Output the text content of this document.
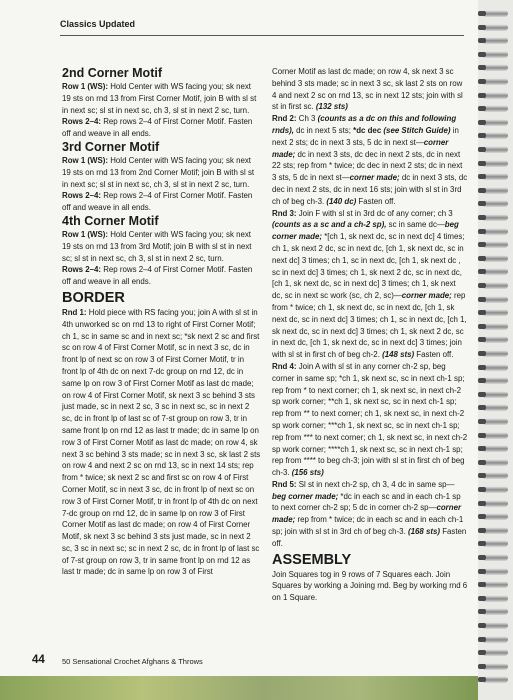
Classics Updated
2nd Corner Motif

Row 1 (WS): Hold Center with WS facing you; sk next 19 sts on rnd 13 from First Corner Motif, join B with sl st in next sc; sl st in next sc, ch 3, sl st in next 2 sc, turn.

Rows 2–4: Rep rows 2–4 of First Corner Motif. Fasten off and weave in all ends.

3rd Corner Motif

Row 1 (WS): Hold Center with WS facing you; sk next 19 sts on rnd 13 from 2nd Corner Motif; join B with sl st in next sc; sl st in next sc, ch 3, sl st in next 2 sc, turn.

Rows 2–4: Rep rows 2–4 of First Corner Motif. Fasten off and weave in all ends.

4th Corner Motif

Row 1 (WS): Hold Center with WS facing you; sk next 19 sts on rnd 13 from 3rd Motif; join B with sl st in next sc; sl st in next sc, ch 3, sl st in next 2 sc, turn.

Rows 2–4: Rep rows 2–4 of First Corner Motif. Fasten off and weave in all ends.

BORDER

Rnd 1: Hold piece with RS facing you; join A with sl st in 4th unworked sc on rnd 13 to right of First Corner Motif; ch 1, sc in same sc and in next sc; *sk next 2 sc and first sc on row 4 of First Corner Motif, sc in next 3 sc, dc in front lp of next sc on row 3 of First Corner Motif, tr in front lp of 4th dc on next 7-dc group on rnd 12, dc in same lp on row 3 of First Corner Motif as last dc made; on row 4 of First Corner Motif, sk next 3 sc behind 3 sts just made, sc in next 2 sc, 3 sc in next sc, sc in next 2 sc, dc in front lp of last sc of 7-st group on row 3, tr in same front lp on rnd 12 as last tr made; dc in same lp on row 3 of First Corner Motif as last dc made; on row 4, sk next 3 sc behind 3 sts made; sc in next 3 sc, sk last 2 sts on row 4 and next 2 sc on rnd 13, sc in next 14 sts; rep from * twice; sk next 2 sc and first sc on row 4 of First Corner Motif, sc in next 3 sc, dc in front lp of next sc on row 3 of First Corner Motif, tr in front lp of 4th dc on next 7-dc group on rnd 12, dc in same lp on row 3 of First Corner Motif as last dc made; on row 4 of First Corner Motif, sk next 3 sc behind 3 sts just made, sc in next 2 sc, 3 sc in next sc; sc in next 2 sc, dc in front lp of last sc of 7-st group on row 3, tr in same front lp on rnd 12 as last tr made; dc in same lp on row 3 of First

Corner Motif as last dc made; on row 4, sk next 3 sc behind 3 sts made; sc in next 3 sc, sk last 2 sts on row 4 and next 2 sc on rnd 13, sc in next 12 sts; join with sl st in first sc. (132 sts)

Rnd 2: Ch 3 (counts as a dc on this and following rnds), dc in next 5 sts; *dc dec (see Stitch Guide) in next 2 sts; dc in next 3 sts, 5 dc in next st—corner made; dc in next 3 sts, dc dec in next 2 sts, dc in next 22 sts; rep from * twice; dc dec in next 2 sts; dc in next 3 sts, 5 dc in next st—corner made; dc in next 3 sts, dc dec in next 2 sts, dc in next 16 sts; join with sl st in 3rd ch of beg ch-3. (140 dc) Fasten off.

Rnd 3: Join F with sl st in 3rd dc of any corner; ch 3 (counts as a sc and a ch-2 sp), sc in same dc—beg corner made; *[ch 1, sk next dc, sc in next dc] 4 times; ch 1, sk next 2 dc, sc in next dc, [ch 1, sk next dc, sc in next dc] 3 times; ch 1, sc in next dc, [ch 1, sk next dc , sc in next dc] 3 times; ch 1, sk next 2 dc, sc in next dc, [ch 1, sk next dc, sc in next dc] 3 times; ch 1, sk next dc, sc in next sc work (sc, ch 2, sc)—corner made; rep from * twice; ch 1, sk next dc, sc in next dc, [ch 1, sk next dc, sc in next dc] 3 times; ch 1, sc in next dc, [ch 1, sk next dc, sc in next dc] 3 times; ch 1, sk next 2 dc, sc in next dc, [ch 1, sk next dc, sc in next dc] 3 times; join with sl st in first ch of beg ch-2. (148 sts) Fasten off.

Rnd 4: Join A with sl st in any corner ch-2 sp, beg corner in same sp; *ch 1, sk next sc, sc in next ch-1 sp; rep from * to next corner; ch 1, sk next sc, in next ch-2 sp work corner; **ch 1, sk next sc, sc in next ch-1 sp; rep from ** to next corner; ch 1, sk next sc, in next ch-2 sp work corner; ***ch 1, sk next sc, sc in next ch-1 sp; rep from *** to next corner; ch 1, sk next sc, in next ch-2 sp work corner; ****ch 1, sk next sc, sc in next ch-1 sp; rep from **** to beg ch-3; join with sl st in first ch of beg ch-3. (156 sts)

Rnd 5: Sl st in next ch-2 sp, ch 3, 4 dc in same sp—beg corner made; *dc in each sc and in each ch-1 sp to next corner ch-2 sp; 5 dc in corner ch-2 sp—corner made; rep from * twice; dc in each sc and in each ch-1 sp; join with sl st in 3rd ch of beg ch-3. (168 sts) Fasten off.

ASSEMBLY

Join Squares tog in 9 rows of 7 Squares each. Join Squares by working a Joining rnd. Beg by working rnd 6 on 1 Square.

44 50 Sensational Crochet Afghans & Throws
